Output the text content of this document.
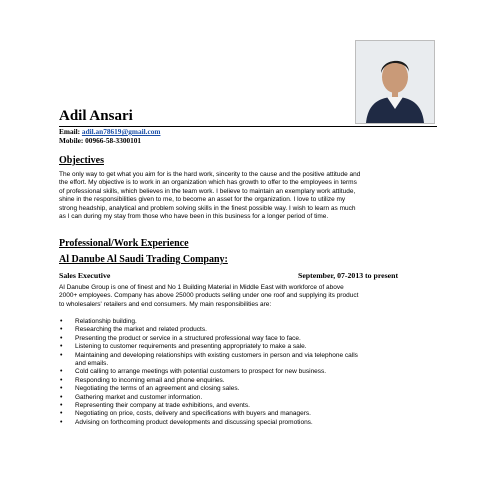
Adil Ansari
Email: adil.an78619@gmail.com
Mobile: 00966-58-3300101
Objectives
The only way to get what you aim for is the hard work, sincerity to the cause and the positive attitude and
the effort. My objective is to work in an organization which has growth to offer to the employees in terms
of professional skills, which believes in the team work. I believe to maintain an exemplary work attitude,
shine in the responsibilities given to me, to become an asset for the organization. I love to utilize my
strong headship, analytical and problem solving skills in the finest possible way. I wish to learn as much
as I can during my stay from those who have been in this business for a longer period of time.
Professional/Work Experience
Al Danube Al Saudi Trading Company:
Sales Executive	September, 07-2013 to present
Al Danube Group is one of finest and No 1 Building Material in Middle East with workforce of above
2000+ employees. Company has above 25000 products selling under one roof and supplying its product
to wholesalers' retailers and end consumers. My main responsibilities are:
• Relationship building.
• Researching the market and related products.
• Presenting the product or service in a structured professional way face to face.
• Listening to customer requirements and presenting appropriately to make a sale.
• Maintaining and developing relationships with existing customers in person and via telephone calls
and emails.
• Cold calling to arrange meetings with potential customers to prospect for new business.
• Responding to incoming email and phone enquiries.
• Negotiating the terms of an agreement and closing sales.
• Gathering market and customer information.
• Representing their company at trade exhibitions, and events.
• Negotiating on price, costs, delivery and specifications with buyers and managers.
• Advising on forthcoming product developments and discussing special promotions.
